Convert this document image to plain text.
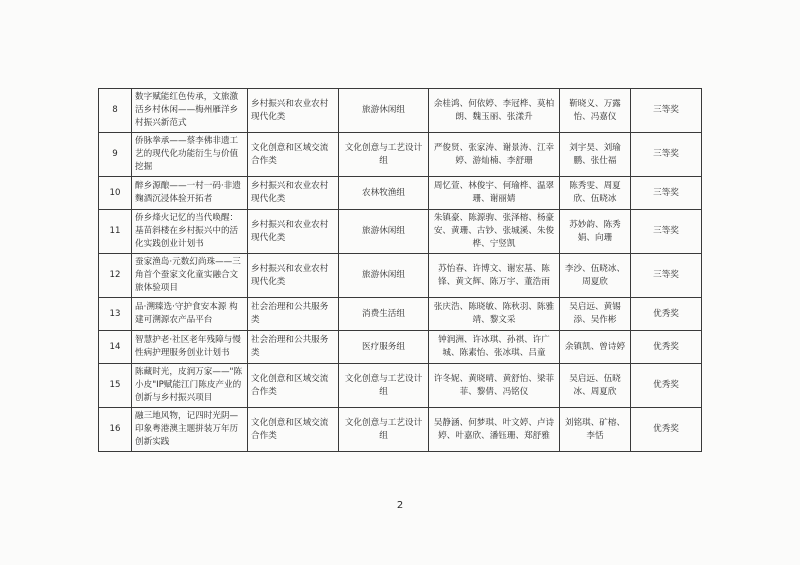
8	数字赋能红色传承，文旅激活乡村休闲——梅州雁洋乡村振兴新范式	乡村振兴和农业农村现代化类	旅游休闲组	余桂鸿、何依婷、李冠桦、莫柏朗、魏玉丽、张漾升	靳晓义、万露怡、冯嘉仪	三等奖
9	侨脉拳承——蔡李佛非遗工艺的现代化功能衍生与价值挖掘	文化创意和区域交流合作类	文化创意与工艺设计组	严俊贤、张家涛、谢景涛、江幸婷、游灿楠、李舒珊	刘宇昊、刘瑜鹏、张仕福	三等奖
10	醉乡源酿——一村一码·非遗麴酒沉浸体验开拓者	乡村振兴和农业农村现代化类	农林牧渔组	周忆萱、林俊宇、何瑜桦、温翠珊、谢丽婧	陈秀雯、周夏欣、伍晓冰	三等奖
11	侨乡烽火记忆的当代唤醒：基苗斜楼在乡村振兴中的活化实践创业计划书	乡村振兴和农业农村现代化类	旅游休闲组	朱镇豪、陈源驹、张泽榕、杨豪安、黄珊、古钞、张城溪、朱俊桦、宁竖凯	苏妙韵、陈秀娟、向珊	三等奖
12	蚕家渔岛·元数幻尚珠——三角首个蚕家文化童实融合文旅体验项目	乡村振兴和农业农村现代化类	旅游休闲组	苏怡春、许博文、谢宏基、陈锋、黄文辉、陈万宇、董浩雨	李沙、伍晓冰、周夏欣	三等奖
13	品·溯臻选·守护食安本源 构建可溯源农产品平台	社会治理和公共服务类	消费生活组	张庆浩、陈晓敏、陈秋羽、陈雅靖、黎文采	吴启远、黄锡添、吴作彬	优秀奖
14	智慧护老·社区老年残障与慢性病护理服务创业计划书	社会治理和公共服务类	医疗服务组	钟润洲、许冰琪、孙祺、许广城、陈素怡、张冰琪、吕童	余镇凯、曾诗婷	优秀奖
15	陈藏时光，皮润万家——"陈小皮"IP赋能江门陈皮产业的创新与乡村振兴项目	文化创意和区域交流合作类	文化创意与工艺设计组	许冬妮、黄晓晴、黄舒怡、梁菲菲、黎倩、冯铭仪	吴启远、伍晓冰、周夏欣	优秀奖
16	融三地风物，记四时光阴—印象粤港澳主题拼装万年历创新实践	文化创意和区域交流合作类	文化创意与工艺设计组	吴静涵、何梦琪、叶文婷、卢诗婷、叶嘉欣、潘钰珊、郑舒雅	刘铭琪、矿榕、李恬	优秀奖
2
